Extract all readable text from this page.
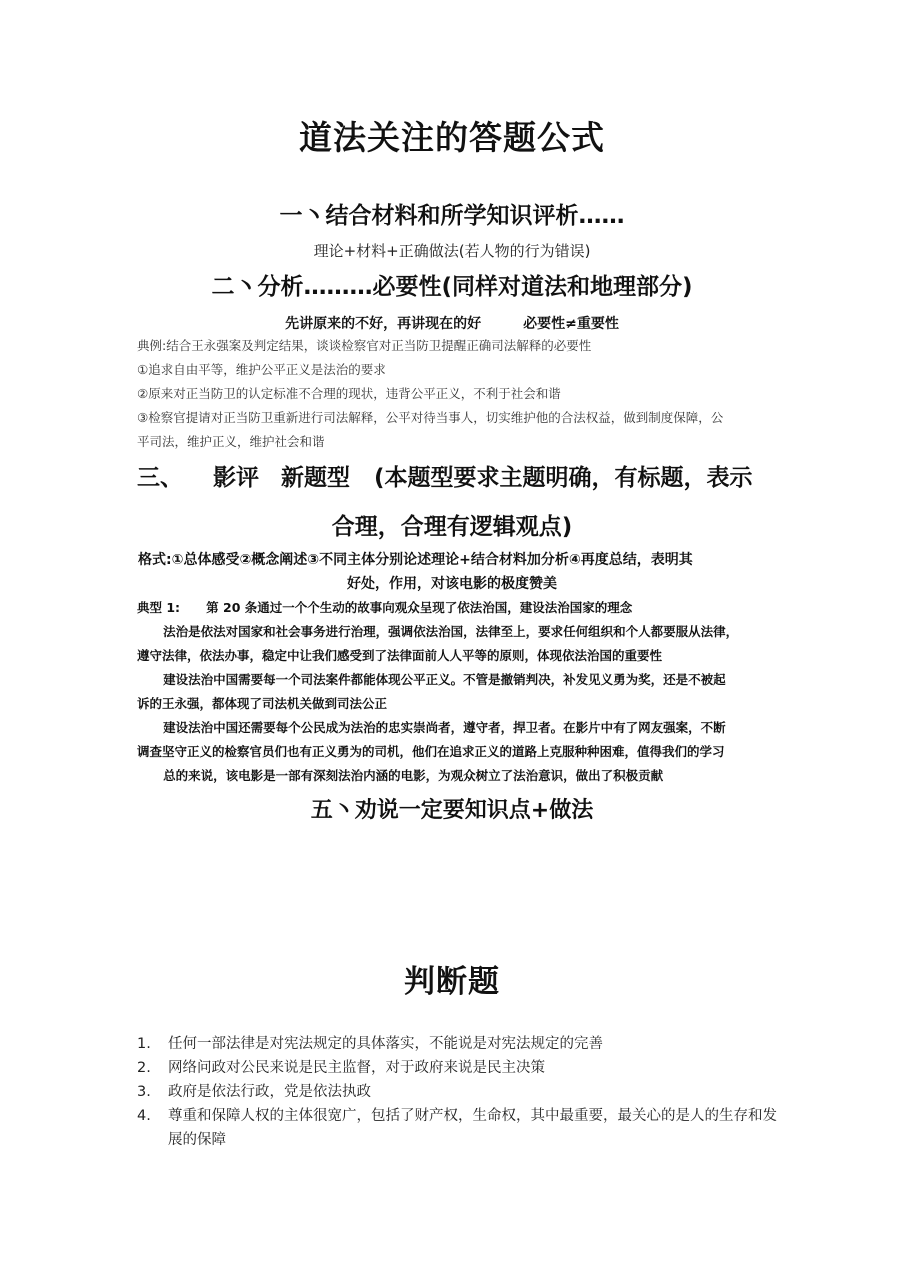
道法关注的答题公式
一丶结合材料和所学知识评析……
理论+材料+正确做法(若人物的行为错误)
二丶分析………必要性(同样对道法和地理部分)
先讲原来的不好，再讲现在的好	必要性≠重要性
典例:结合王永强案及判定结果，谈谈检察官对正当防卫提醒正确司法解释的必要性
①追求自由平等，维护公平正义是法治的要求
②原来对正当防卫的认定标准不合理的现状，违背公平正义，不利于社会和谐
③检察官提请对正当防卫重新进行司法解释，公平对待当事人，切实维护他的合法权益，做到制度保障，公
平司法，维护正义，维护社会和谐
三、 影评 新题型 (本题型要求主题明确，有标题，表示
合理，合理有逻辑观点)
格式:①总体感受②概念阐述③不同主体分别论述理论+结合材料加分析④再度总结，表明其
好处，作用，对该电影的极度赞美
典型 1:      第 20 条通过一个个生动的故事向观众呈现了依法治国，建设法治国家的理念
法治是依法对国家和社会事务进行治理，强调依法治国，法律至上，要求任何组织和个人都要服从法律，
遵守法律，依法办事，稳定中让我们感受到了法律面前人人平等的原则，体现依法治国的重要性
建设法治中国需要每一个司法案件都能体现公平正义。不管是撤销判决，补发见义勇为奖，还是不被起
诉的王永强，都体现了司法机关做到司法公正
建设法治中国还需要每个公民成为法治的忠实崇尚者，遵守者，捍卫者。在影片中有了网友强案，不断
调查坚守正义的检察官员们也有正义勇为的司机，他们在追求正义的道路上克服种种困难，值得我们的学习
总的来说，该电影是一部有深刻法治内涵的电影，为观众树立了法治意识，做出了积极贡献
五丶劝说一定要知识点+做法
判断题
1. 任何一部法律是对宪法规定的具体落实，不能说是对宪法规定的完善
2. 网络问政对公民来说是民主监督，对于政府来说是民主决策
3. 政府是依法行政，党是依法执政
4. 尊重和保障人权的主体很宽广，包括了财产权，生命权，其中最重要，最关心的是人的生存和发展的保障
